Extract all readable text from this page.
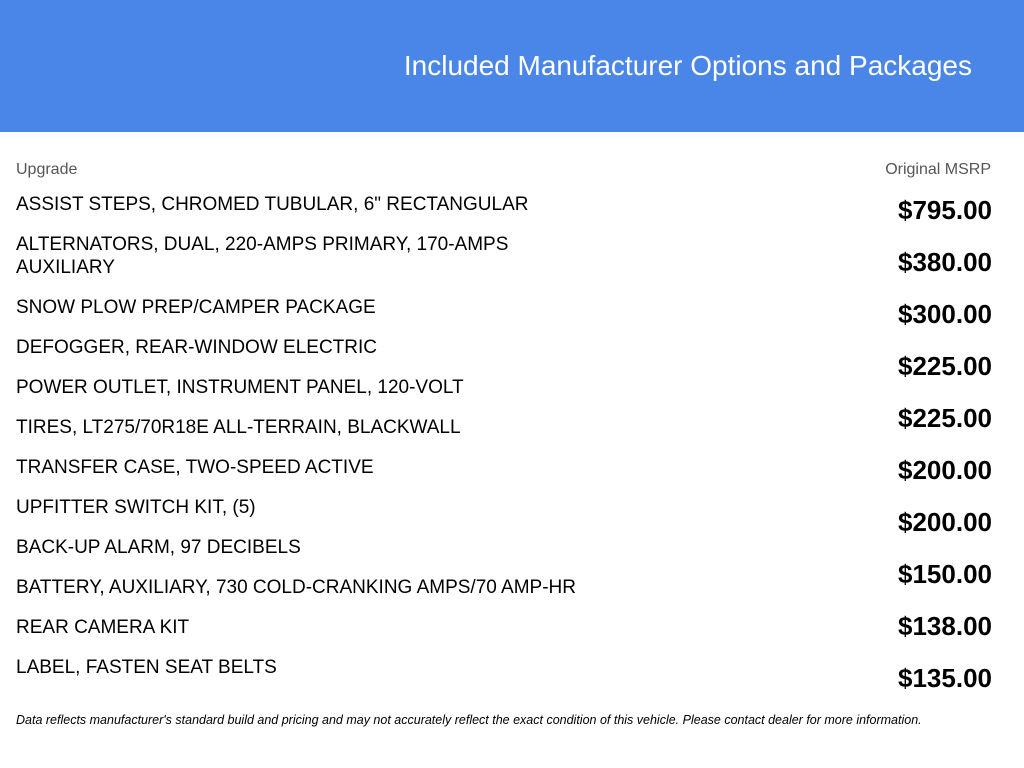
Included Manufacturer Options and Packages
Upgrade	Original MSRP
ASSIST STEPS, CHROMED TUBULAR, 6" RECTANGULAR
ALTERNATORS, DUAL, 220-AMPS PRIMARY, 170-AMPS AUXILIARY
SNOW PLOW PREP/CAMPER PACKAGE
DEFOGGER, REAR-WINDOW ELECTRIC
POWER OUTLET, INSTRUMENT PANEL, 120-VOLT
TIRES, LT275/70R18E ALL-TERRAIN, BLACKWALL
TRANSFER CASE, TWO-SPEED ACTIVE
UPFITTER SWITCH KIT, (5)
BACK-UP ALARM, 97 DECIBELS
BATTERY, AUXILIARY, 730 COLD-CRANKING AMPS/70 AMP-HR
REAR CAMERA KIT
LABEL, FASTEN SEAT BELTS
$795.00
$380.00
$300.00
$225.00
$225.00
$200.00
$200.00
$150.00
$138.00
$135.00
Data reflects manufacturer's standard build and pricing and may not accurately reflect the exact condition of this vehicle. Please contact dealer for more information.
